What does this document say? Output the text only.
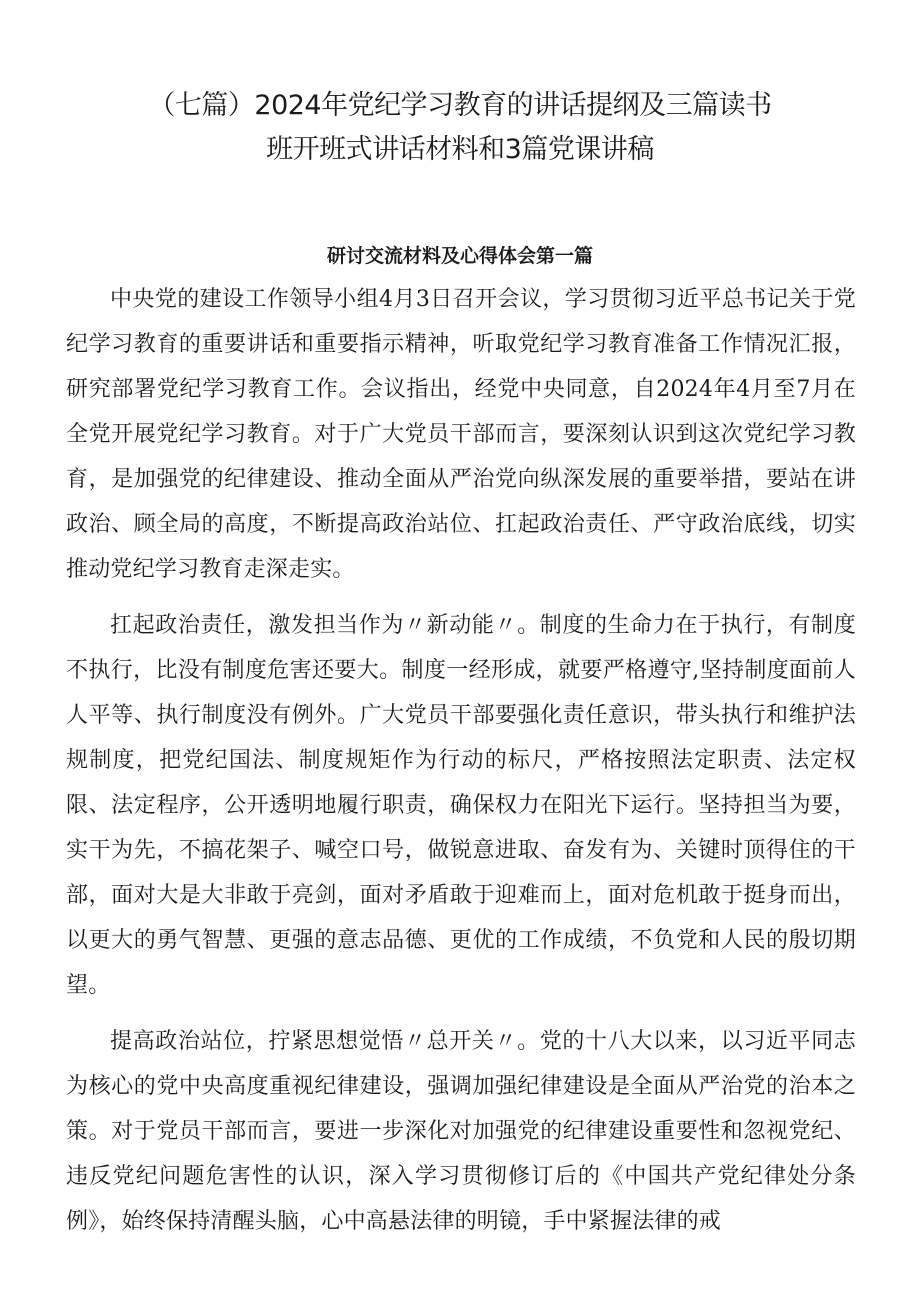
（七篇）2024年党纪学习教育的讲话提纲及三篇读书
班开班式讲话材料和3篇党课讲稿
研讨交流材料及心得体会第一篇

中央党的建设工作领导小组4月3日召开会议，学习贯彻习近平总书记关于党纪学习教育的重要讲话和重要指示精神，听取党纪学习教育准备工作情况汇报，研究部署党纪学习教育工作。会议指出，经党中央同意，自2024年4月至7月在全党开展党纪学习教育。对于广大党员干部而言，要深刻认识到这次党纪学习教育，是加强党的纪律建设、推动全面从严治党向纵深发展的重要举措，要站在讲政治、顾全局的高度，不断提高政治站位、扛起政治责任、严守政治底线，切实推动党纪学习教育走深走实。

扛起政治责任，激发担当作为〃新动能〃。制度的生命力在于执行，有制度不执行，比没有制度危害还要大。制度一经形成，就要严格遵守,坚持制度面前人人平等、执行制度没有例外。广大党员干部要强化责任意识，带头执行和维护法规制度，把党纪国法、制度规矩作为行动的标尺，严格按照法定职责、法定权限、法定程序，公开透明地履行职责，确保权力在阳光下运行。坚持担当为要，实干为先，不搞花架子、喊空口号，做锐意进取、奋发有为、关键时顶得住的干部，面对大是大非敢于亮剑，面对矛盾敢于迎难而上，面对危机敢于挺身而出，以更大的勇气智慧、更强的意志品德、更优的工作成绩，不负党和人民的殷切期望。

提高政治站位，拧紧思想觉悟〃总开关〃。党的十八大以来，以习近平同志为核心的党中央高度重视纪律建设，强调加强纪律建设是全面从严治党的治本之策。对于党员干部而言，要进一步深化对加强党的纪律建设重要性和忽视党纪、违反党纪问题危害性的认识，深入学习贯彻修订后的《中国共产党纪律处分条例》，始终保持清醒头脑，心中高悬法律的明镜，手中紧握法律的戒
